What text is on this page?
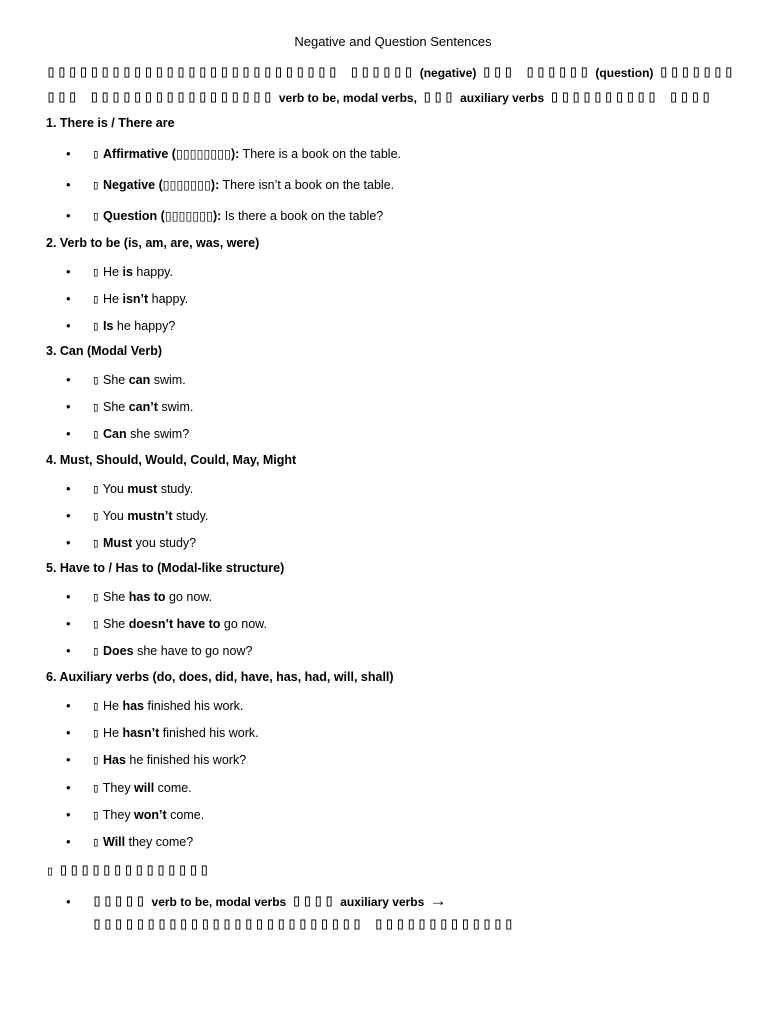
Negative and Question Sentences
▯▯▯▯▯▯▯▯▯▯▯▯▯▯▯▯▯▯▯▯▯▯▯▯▯▯▯ ▯▯▯▯▯▯ (negative) ▯▯▯ ▯▯▯▯▯▯ (question) ▯▯▯▯▯▯▯ ▯▯▯ ▯▯▯▯▯▯▯▯▯▯▯▯▯▯▯▯▯ verb to be, modal verbs, ▯▯▯ auxiliary verbs ▯▯▯▯▯▯▯▯▯▯ ▯▯▯▯
1. There is / There are
• ▯ Affirmative (▯▯▯▯▯▯▯▯): There is a book on the table.
• ▯ Negative (▯▯▯▯▯▯▯): There isn’t a book on the table.
• ▯ Question (▯▯▯▯▯▯▯): Is there a book on the table?
2. Verb to be (is, am, are, was, were)
• ▯ He is happy.
• ▯ He isn’t happy.
• ▯ Is he happy?
3. Can (Modal Verb)
• ▯ She can swim.
• ▯ She can’t swim.
• ▯ Can she swim?
4. Must, Should, Would, Could, May, Might
• ▯ You must study.
• ▯ You mustn’t study.
• ▯ Must you study?
5. Have to / Has to (Modal-like structure)
• ▯ She has to go now.
• ▯ She doesn’t have to go now.
• ▯ Does she have to go now?
6. Auxiliary verbs (do, does, did, have, has, had, will, shall)
• ▯ He has finished his work.
• ▯ He hasn’t finished his work.
• ▯ Has he finished his work?
• ▯ They will come.
• ▯ They won’t come.
• ▯ Will they come?
▯ ▯▯▯▯▯▯▯▯▯▯▯▯▯▯
• ▯▯▯▯▯ verb to be, modal verbs ▯▯▯▯ auxiliary verbs → ▯▯▯▯▯▯▯▯▯▯▯▯▯▯▯▯▯▯▯▯▯▯▯▯▯ ▯▯▯▯▯▯▯▯▯▯▯▯▯
